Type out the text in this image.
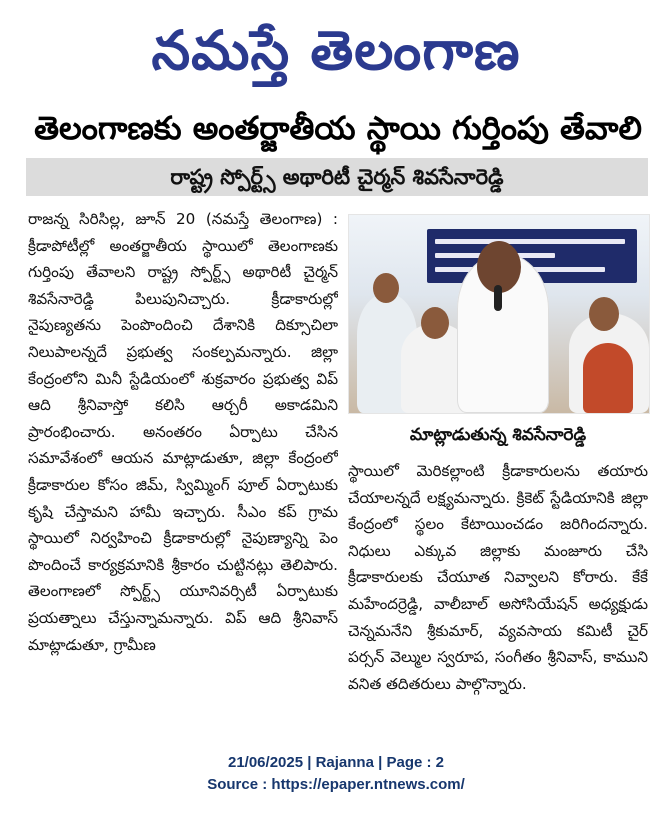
నమస్తే తెలంగాణ
తెలంగాణకు అంతర్జాతీయ స్థాయి గుర్తింపు తేవాలి
రాష్ట్ర స్పోర్ట్స్ అథారిటీ చైర్మన్ శివసేనారెడ్డి

రాజన్న సిరిసిల్ల, జూన్ 20 (నమస్తే తెలంగాణ) : క్రీడాపోటీల్లో అంతర్జాతీయ స్థాయిలో తెలంగాణకు గుర్తింపు తేవాలని రాష్ట్ర స్పోర్ట్స్ అథారిటీ చైర్మన్ శివసేనారెడ్డి పిలుపునిచ్చారు. క్రీడాకారుల్లో నైపుణ్యతను పెంపొందించి దేశానికి దిక్సూచిలా నిలుపాలన్నదే ప్రభుత్వ సంకల్పమన్నారు. జిల్లా కేంద్రంలోని మినీ స్టేడియంలో శుక్రవారం ప్రభుత్వ విప్ ఆది శ్రీనివాస్తో కలిసి ఆర్చరీ అకాడమిని ప్రారంభించారు. అనంతరం ఏర్పాటు చేసిన సమావేశంలో ఆయన మాట్లాడుతూ, జిల్లా కేంద్రంలో క్రీడాకారుల కోసం జిమ్, స్విమ్మింగ్ పూల్ ఏర్పాటుకు కృషి చేస్తామని హామీ ఇచ్చారు. సీఎం కప్ గ్రామ స్థాయిలో నిర్వహించి క్రీడాకారుల్లో నైపుణ్యాన్ని పెం పొందించే కార్యక్రమానికి శ్రీకారం చుట్టినట్లు తెలిపారు. తెలంగాణలో స్పోర్ట్స్ యూనివర్సిటీ ఏర్పాటుకు ప్రయత్నాలు చేస్తున్నామన్నారు. విప్ ఆది శ్రీనివాస్ మాట్లాడుతూ, గ్రామీణ

మాట్లాడుతున్న శివసేనారెడ్డి

స్థాయిలో మెరికల్లాంటి క్రీడాకారులను తయారు చేయాలన్నదే లక్ష్యమన్నారు. క్రికెట్ స్టేడియానికి జిల్లా కేంద్రంలో స్థలం కేటాయించడం జరిగిందన్నారు. నిధులు ఎక్కువ జిల్లాకు మంజూరు చేసి క్రీడాకారులకు చేయూత నివ్వాలని కోరారు. కేకే మహేందర్రెడ్డి, వాలీబాల్ అసోసియేషన్ అధ్యక్షుడు చెన్నమనేని శ్రీకుమార్, వ్యవసాయ కమిటీ చైర్ పర్సన్ వెల్ముల స్వరూప, సంగీతం శ్రీనివాస్, కాముని వనిత తదితరులు పాల్గొన్నారు.

21/06/2025 | Rajanna | Page : 2
Source : https://epaper.ntnews.com/
